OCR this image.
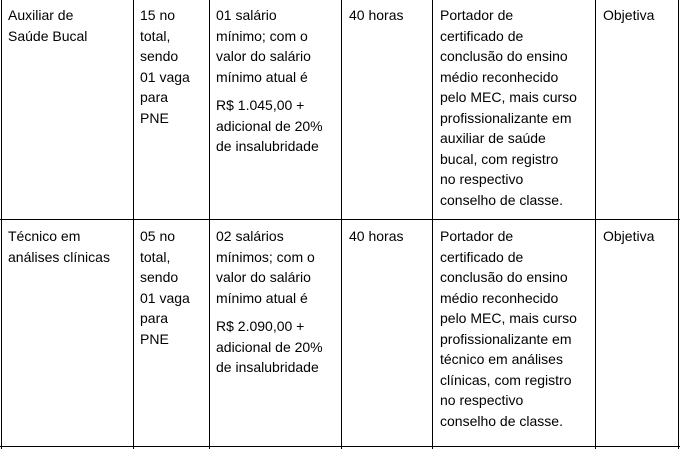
Auxiliar de
Saúde Bucal
15 no
total,
sendo
01 vaga
para
PNE
01 salário
mínimo; com o
valor do salário
mínimo atual é
R$ 1.045,00 +
adicional de 20%
de insalubridade
40 horas	Portador de
certificado de
conclusão do ensino
médio reconhecido
pelo MEC, mais curso
profissionalizante em
auxiliar de saúde
bucal, com registro
no respectivo
conselho de classe.
Objetiva
Técnico em
análises clínicas
05 no
total,
sendo
01 vaga
para
PNE
02 salários
mínimos; com o
valor do salário
mínimo atual é
R$ 2.090,00 +
adicional de 20%
de insalubridade
40 horas	Portador de
certificado de
conclusão do ensino
médio reconhecido
pelo MEC, mais curso
profissionalizante em
técnico em análises
clínicas, com registro
no respectivo
conselho de classe.
Objetiva
